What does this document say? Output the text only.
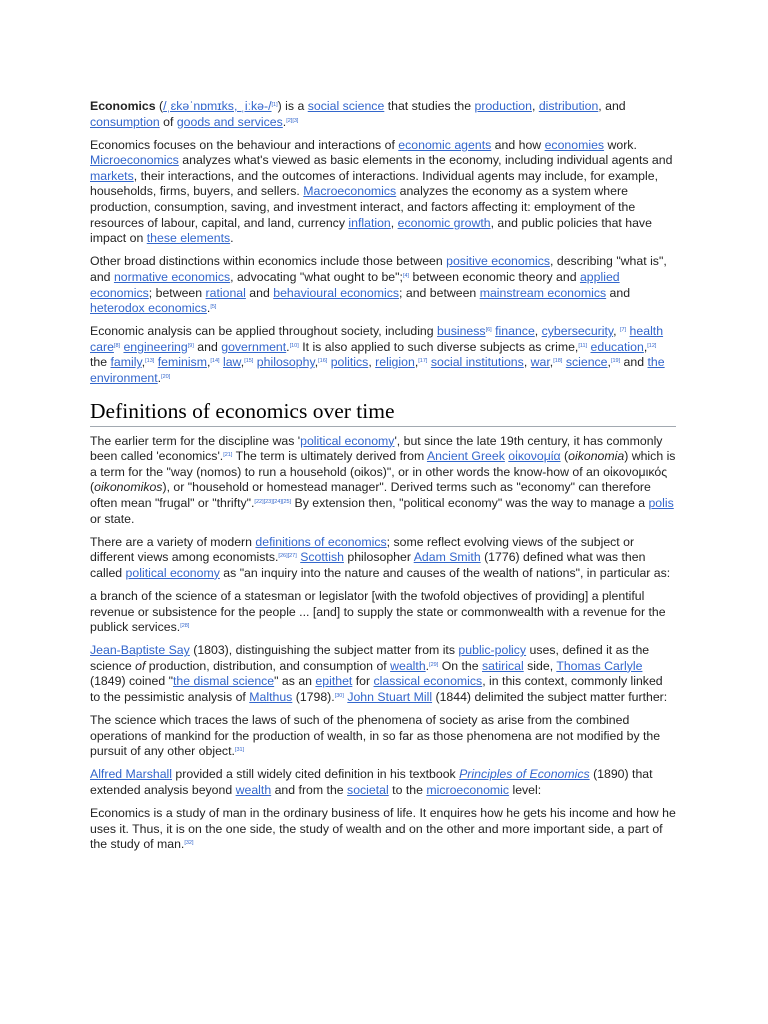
Economics (/ˌɛkəˈnɒmɪks, ˌiːkə-/[1]) is a social science that studies the production, distribution, and consumption of goods and services.[2][3]

Economics focuses on the behaviour and interactions of economic agents and how economies work. Microeconomics analyzes what's viewed as basic elements in the economy, including individual agents and markets, their interactions, and the outcomes of interactions. Individual agents may include, for example, households, firms, buyers, and sellers. Macroeconomics analyzes the economy as a system where production, consumption, saving, and investment interact, and factors affecting it: employment of the resources of labour, capital, and land, currency inflation, economic growth, and public policies that have impact on these elements.

Other broad distinctions within economics include those between positive economics, describing "what is", and normative economics, advocating "what ought to be";[4] between economic theory and applied economics; between rational and behavioural economics; and between mainstream economics and heterodox economics.[5]

Economic analysis can be applied throughout society, including business[6] finance, cybersecurity, [7] health care[8] engineering[9] and government.[10] It is also applied to such diverse subjects as crime,[11] education,[12] the family,[13] feminism,[14] law,[15] philosophy,[16] politics, religion,[17] social institutions, war,[18] science,[19] and the environment.[20]

Definitions of economics over time

The earlier term for the discipline was 'political economy', but since the late 19th century, it has commonly been called 'economics'.[21] The term is ultimately derived from Ancient Greek οἰκονομία (oikonomia) which is a term for the "way (nomos) to run a household (oikos)", or in other words the know-how of an οἰκονομικός (oikonomikos), or "household or homestead manager". Derived terms such as "economy" can therefore often mean "frugal" or "thrifty".[22][23][24][25] By extension then, "political economy" was the way to manage a polis or state.

There are a variety of modern definitions of economics; some reflect evolving views of the subject or different views among economists.[26][27] Scottish philosopher Adam Smith (1776) defined what was then called political economy as "an inquiry into the nature and causes of the wealth of nations", in particular as:

a branch of the science of a statesman or legislator [with the twofold objectives of providing] a plentiful revenue or subsistence for the people ... [and] to supply the state or commonwealth with a revenue for the publick services.[28]

Jean-Baptiste Say (1803), distinguishing the subject matter from its public-policy uses, defined it as the science of production, distribution, and consumption of wealth.[29] On the satirical side, Thomas Carlyle (1849) coined "the dismal science" as an epithet for classical economics, in this context, commonly linked to the pessimistic analysis of Malthus (1798).[30] John Stuart Mill (1844) delimited the subject matter further:

The science which traces the laws of such of the phenomena of society as arise from the combined operations of mankind for the production of wealth, in so far as those phenomena are not modified by the pursuit of any other object.[31]

Alfred Marshall provided a still widely cited definition in his textbook Principles of Economics (1890) that extended analysis beyond wealth and from the societal to the microeconomic level:

Economics is a study of man in the ordinary business of life. It enquires how he gets his income and how he uses it. Thus, it is on the one side, the study of wealth and on the other and more important side, a part of the study of man.[32]
